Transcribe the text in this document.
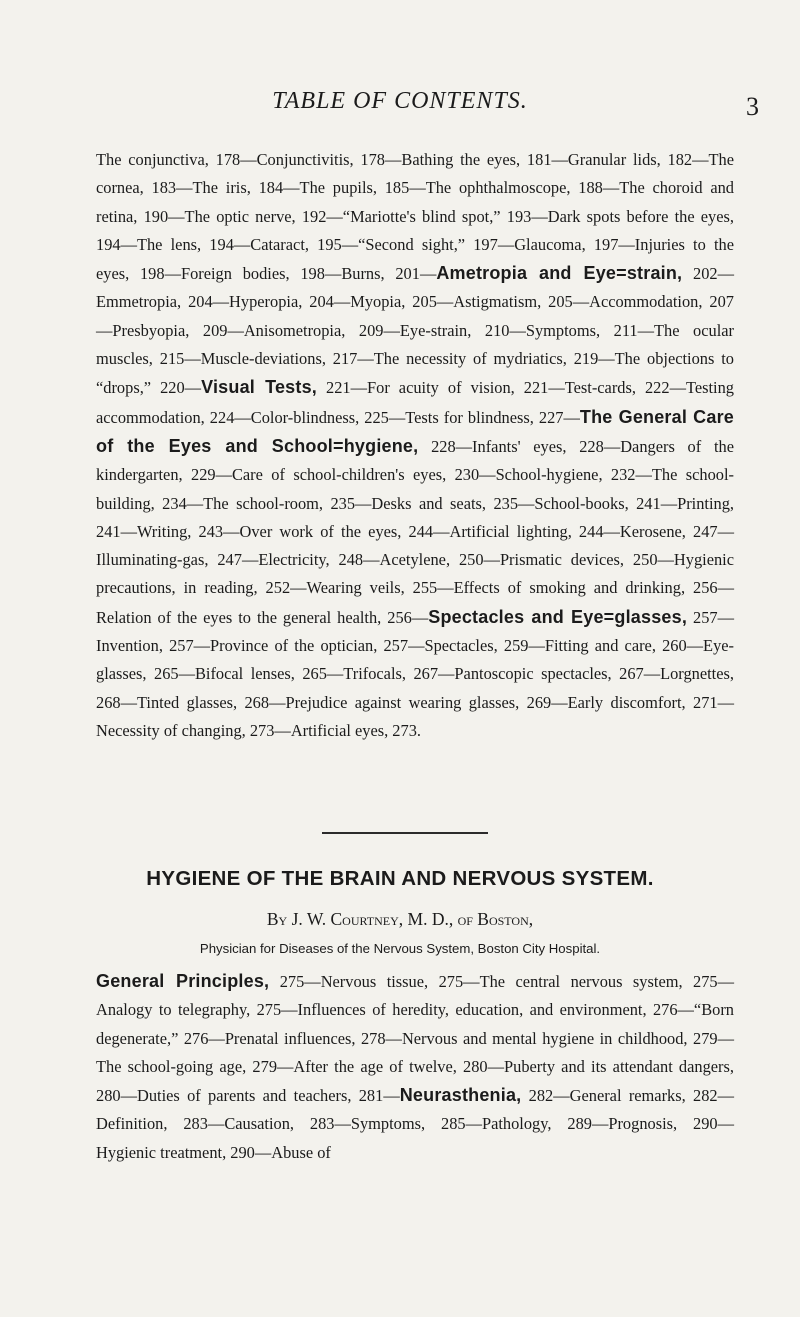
TABLE OF CONTENTS.	3
The conjunctiva, 178—Conjunctivitis, 178—Bathing the eyes, 181—Granular lids, 182—The cornea, 183—The iris, 184—The pupils, 185—The ophthalmoscope, 188—The choroid and retina, 190—The optic nerve, 192—“Mariotte's blind spot,” 193—Dark spots before the eyes, 194—The lens, 194—Cataract, 195—“Second sight,” 197—Glaucoma, 197—Injuries to the eyes, 198—Foreign bodies, 198—Burns, 201—Ametropia and Eye=strain, 202—Emmetropia, 204—Hyperopia, 204—Myopia, 205—Astigmatism, 205—Accommodation, 207—Presbyopia, 209—Anisometropia, 209—Eye-strain, 210—Symptoms, 211—The ocular muscles, 215—Muscle-deviations, 217—The necessity of mydriatics, 219—The objections to “drops,” 220—Visual Tests, 221—For acuity of vision, 221—Test-cards, 222—Testing accommodation, 224—Color-blindness, 225—Tests for blindness, 227—The General Care of the Eyes and School=hygiene, 228—Infants' eyes, 228—Dangers of the kindergarten, 229—Care of school-children's eyes, 230—School-hygiene, 232—The school-building, 234—The school-room, 235—Desks and seats, 235—School-books, 241—Printing, 241—Writing, 243—Over work of the eyes, 244—Artificial lighting, 244—Kerosene, 247—Illuminating-gas, 247—Electricity, 248—Acetylene, 250—Prismatic devices, 250—Hygienic precautions, in reading, 252—Wearing veils, 255—Effects of smoking and drinking, 256—Relation of the eyes to the general health, 256—Spectacles and Eye=glasses, 257—Invention, 257—Province of the optician, 257—Spectacles, 259—Fitting and care, 260—Eye-glasses, 265—Bifocal lenses, 265—Trifocals, 267—Pantoscopic spectacles, 267—Lorgnettes, 268—Tinted glasses, 268—Prejudice against wearing glasses, 269—Early discomfort, 271—Necessity of changing, 273—Artificial eyes, 273.
HYGIENE OF THE BRAIN AND NERVOUS SYSTEM.
By J. W. Courtney, M. D., of Boston,
Physician for Diseases of the Nervous System, Boston City Hospital.
General Principles, 275—Nervous tissue, 275—The central nervous system, 275—Analogy to telegraphy, 275—Influences of heredity, education, and environment, 276—“Born degenerate,” 276—Prenatal influences, 278—Nervous and mental hygiene in childhood, 279—The school-going age, 279—After the age of twelve, 280—Puberty and its attendant dangers, 280—Duties of parents and teachers, 281—Neurasthenia, 282—General remarks, 282—Definition, 283—Causation, 283—Symptoms, 285—Pathology, 289—Prognosis, 290—Hygienic treatment, 290—Abuse of
